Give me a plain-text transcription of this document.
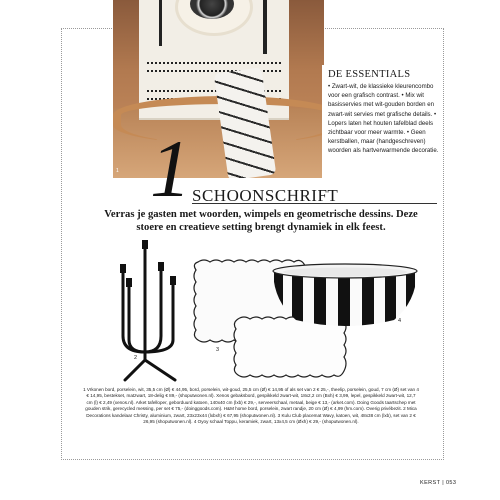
1
DE ESSENTIALS
• Zwart-wit, de klassieke kleurencombo voor een grafisch contrast. • Mix wit basisservies met wit-gouden borden en zwart-wit servies met grafische details. • Lopers laten het houten tafelblad deels zichtbaar voor meer warmte. • Geen kerstballen, maar (handgeschreven) woorden als hartverwarmende decoratie.
1 SCHOONSCHRIFT
Verras je gasten met woorden, wimpels en geometrische dessins. Deze stoere en creatieve setting brengt dynamiek in elk feest.
2
3
4
1 Vrkonen bord, porselein, wit, 35,5 cm (Ø) € 44,95, bord, porselein, wit-goud, 25,5 cm (Ø) € 14,95 of als set van 2 € 25,-, theelip, porselein, goud, 7 cm (Ø) set van 4 € 14,95, bestekset, matzwart, 18-delig € 89,- (shoputwonen.nl). Xenos gebaksbord, gespikkeld zwart-wit, 18x2,2 cm (Bxh) € 3,99, lepel, gespikkeld zwart-wit, 12,7 cm (l) € 2,49 (xenos.nl). Arket tafelloper, geborduurd katoen, 140x40 cm (lxb) € 29,-, serveerschaal, metaal, beige € 13,- (arket.com). Doing Goods taartschep met gouden strik, gerecycled messing, per set € 75,- (doinggoods.com). H&M home bord, porselein, zwart randje, 20 cm (Ø) € 4,99 (hm.com). Overig privébezit. 2 Mica Decorations kandelaar Christy, aluminium, zwart, 23x23x44 (lxbxh) € 67,95 (shoputwonen.nl). 3 Kulu Club placemat Wavy, katoen, wit, 48x38 cm (lxb), set van 2 € 26,95 (shoputwonen.nl). 4 Oyoy schaal Toppu, keramiek, zwart, 13x4,5 cm (Øxh) € 29,- (shoputwonen.nl).
KERST | 053
